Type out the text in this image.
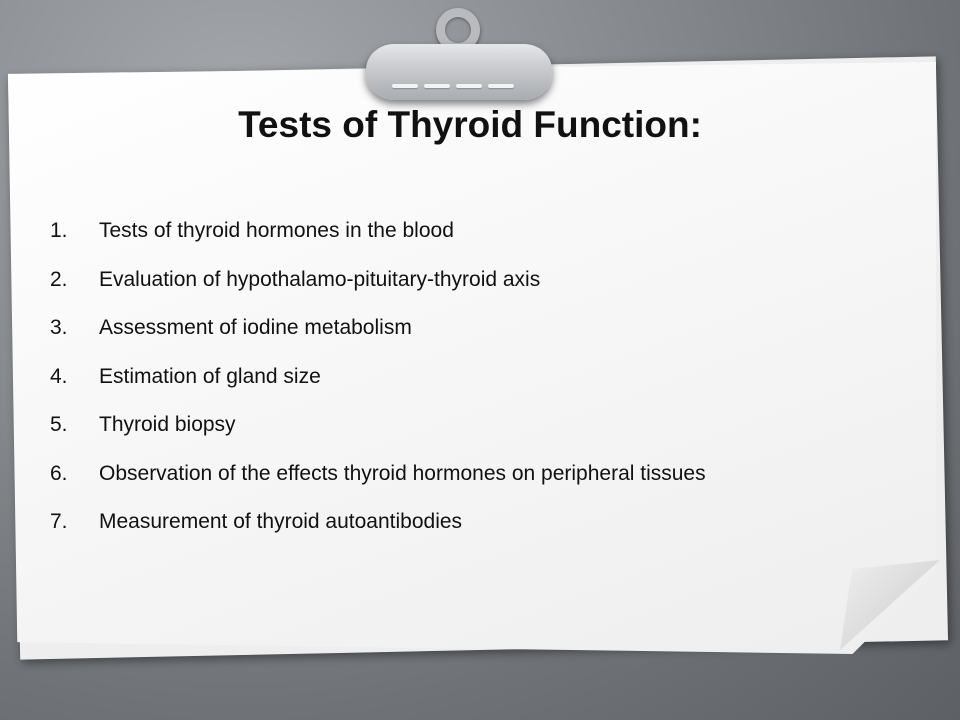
Tests of Thyroid Function:
1. Tests of thyroid hormones in the blood
2. Evaluation of hypothalamo-pituitary-thyroid axis
3. Assessment of iodine metabolism
4. Estimation of gland size
5. Thyroid biopsy
6. Observation of the effects thyroid hormones on peripheral tissues
7. Measurement of thyroid autoantibodies
